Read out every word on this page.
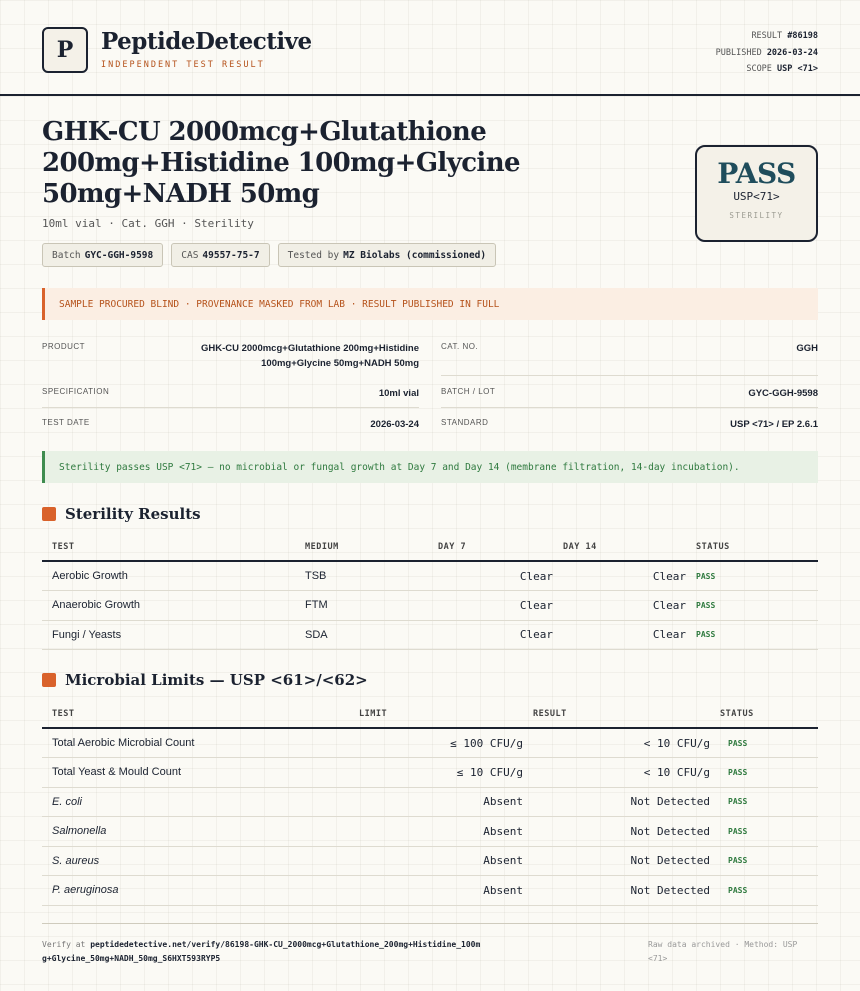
P	PeptideDetective
INDEPENDENT TEST RESULT
RESULT #86198
PUBLISHED 2026-03-24
SCOPE USP <71>
GHK-CU 2000mcg+Glutathione 200mg+Histidine 100mg+Glycine 50mg+NADH 50mg
10ml vial · Cat. GGH · Sterility
Batch GYC-GGH-9598	CAS 49557-75-7	Tested by MZ Biolabs (commissioned)
PASS
USP<71>
STERILITY
SAMPLE PROCURED BLIND · PROVENANCE MASKED FROM LAB · RESULT PUBLISHED IN FULL
PRODUCT	GHK-CU 2000mcg+Glutathione 200mg+Histidine 100mg+Glycine 50mg+NADH 50mg
CAT. NO.	GGH
SPECIFICATION	10ml vial	BATCH / LOT	GYC-GGH-9598
TEST DATE	2026-03-24	STANDARD	USP <71> / EP 2.6.1
Sterility passes USP <71> — no microbial or fungal growth at Day 7 and Day 14 (membrane filtration, 14-day incubation).
Sterility Results
TEST	MEDIUM	DAY 7	DAY 14	STATUS
Aerobic Growth	TSB	Clear	Clear	PASS
Anaerobic Growth	FTM	Clear	Clear	PASS
Fungi / Yeasts	SDA	Clear	Clear	PASS
Microbial Limits — USP <61>/<62>
TEST	LIMIT	RESULT	STATUS
Total Aerobic Microbial Count	≤ 100 CFU/g	< 10 CFU/g	PASS
Total Yeast & Mould Count	≤ 10 CFU/g	< 10 CFU/g	PASS
E. coli	Absent	Not Detected	PASS
Salmonella	Absent	Not Detected	PASS
S. aureus	Absent	Not Detected	PASS
P. aeruginosa	Absent	Not Detected	PASS
Verify at peptidedetective.net/verify/86198-GHK-CU_2000mcg+Glutathione_200mg+Histidine_100mg+Glycine_50mg+NADH_50mg_S6HXT593RYP5
Raw data archived · Method: USP <71>
